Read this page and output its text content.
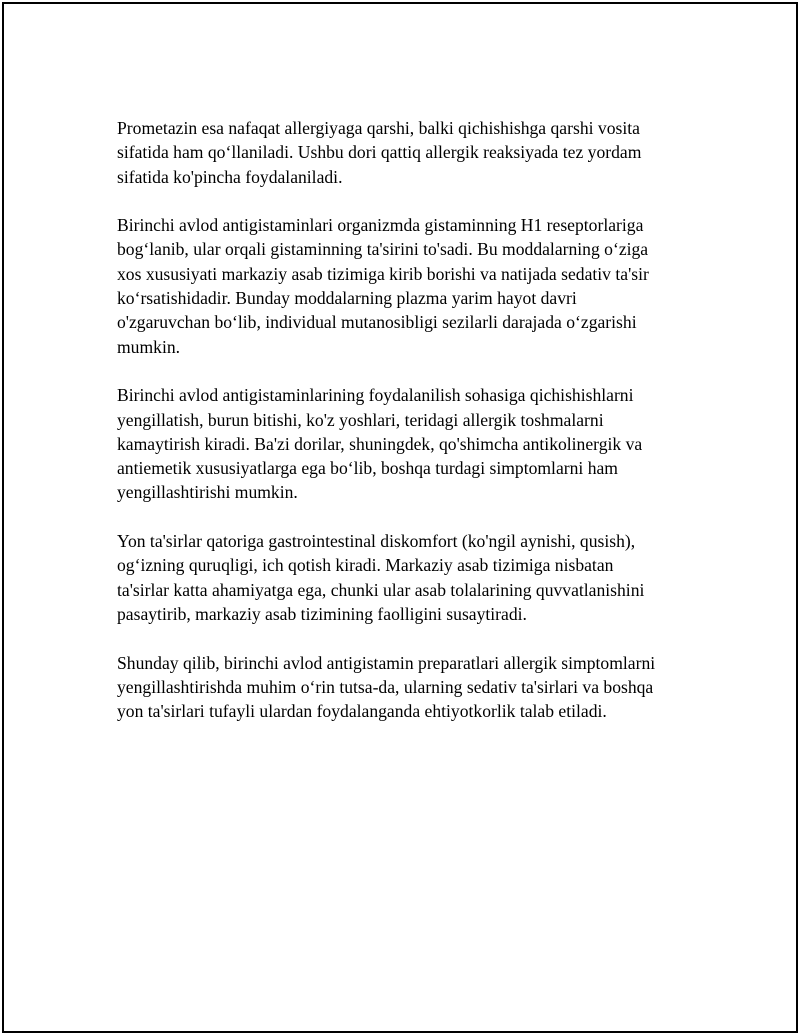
Prometazin esa nafaqat allergiyaga qarshi, balki qichishishga qarshi vosita
sifatida ham qo‘llaniladi. Ushbu dori qattiq allergik reaksiyada tez yordam
sifatida ko'pincha foydalaniladi.

Birinchi avlod antigistaminlari organizmda gistaminning H1 reseptorlariga
bog‘lanib, ular orqali gistaminning ta'sirini to'sadi. Bu moddalarning o‘ziga
xos xususiyati markaziy asab tizimiga kirib borishi va natijada sedativ ta'sir
ko‘rsatishidadir. Bunday moddalarning plazma yarim hayot davri
o'zgaruvchan bo‘lib, individual mutanosibligi sezilarli darajada o‘zgarishi
mumkin.

Birinchi avlod antigistaminlarining foydalanilish sohasiga qichishishlarni
yengillatish, burun bitishi, ko'z yoshlari, teridagi allergik toshmalarni
kamaytirish kiradi. Ba'zi dorilar, shuningdek, qo'shimcha antikolinergik va
antiemetik xususiyatlarga ega bo‘lib, boshqa turdagi simptomlarni ham
yengillashtirishi mumkin.

Yon ta'sirlar qatoriga gastrointestinal diskomfort (ko'ngil aynishi, qusish),
og‘izning quruqligi, ich qotish kiradi. Markaziy asab tizimiga nisbatan
ta'sirlar katta ahamiyatga ega, chunki ular asab tolalarining quvvatlanishini
pasaytirib, markaziy asab tizimining faolligini susaytiradi.

Shunday qilib, birinchi avlod antigistamin preparatlari allergik simptomlarni
yengillashtirishda muhim o‘rin tutsa-da, ularning sedativ ta'sirlari va boshqa
yon ta'sirlari tufayli ulardan foydalanganda ehtiyotkorlik talab etiladi.
